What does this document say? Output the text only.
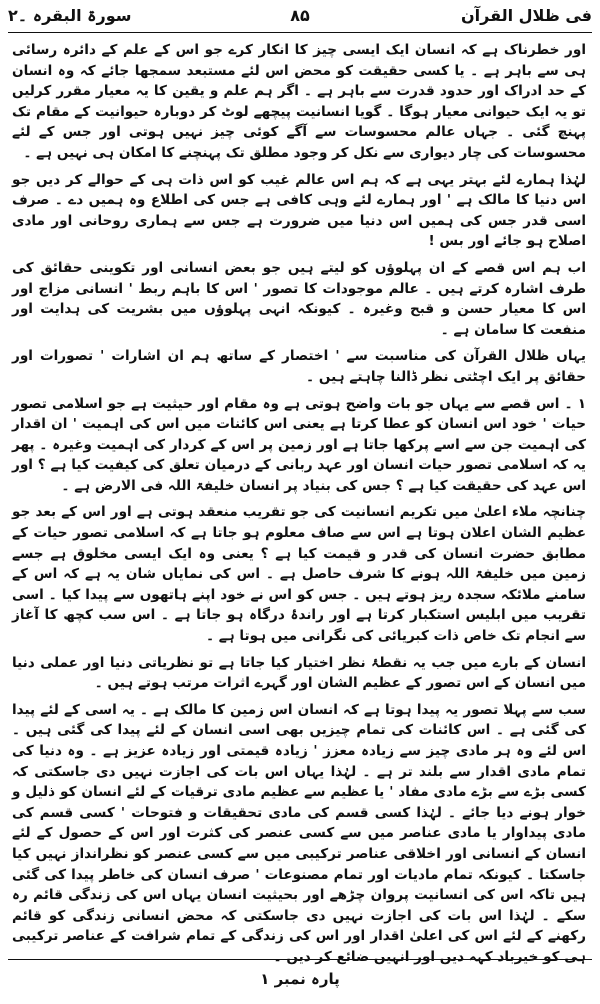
فی ظلال القرآن
۸۵
سورۃ البقرہ ۔۲

اور خطرناک ہے کہ انسان ایک ایسی چیز کا انکار کرے جو اس کے علم کے دائرہ رسائی ہی سے باہر ہے ۔ یا کسی حقیقت کو محض اس لئے مستبعد سمجھا جائے کہ وہ انسان کے حد ادراک اور حدود قدرت سے باہر ہے ۔ اگر ہم علم و یقین کا یہ معیار مقرر کرلیں تو یہ ایک حیوانی معیار ہوگا ۔ گویا انسانیت پیچھے لوٹ کر دوبارہ حیوانیت کے مقام تک پہنچ گئی ۔ جہاں عالم محسوسات سے آگے کوئی چیز نہیں ہوتی اور جس کے لئے محسوسات کی چار دیواری سے نکل کر وجود مطلق تک پہنچنے کا امکان ہی نہیں ہے ۔

لہٰذا ہمارے لئے بہتر یہی ہے کہ ہم اس عالم غیب کو اس ذات ہی کے حوالے کر دیں جو اس دنیا کا مالک ہے ' اور ہمارے لئے وہی کافی ہے جس کی اطلاع وہ ہمیں دے ۔ صرف اسی قدر جس کی ہمیں اس دنیا میں ضرورت ہے جس سے ہماری روحانی اور مادی اصلاح ہو جائے اور بس !

اب ہم اس قصے کے ان پہلوؤں کو لیتے ہیں جو بعض انسانی اور تکوینی حقائق کی طرف اشارہ کرتے ہیں ۔ عالم موجودات کا تصور ' اس کا باہم ربط ' انسانی مزاج اور اس کا معیار حسن و قبح وغیرہ ۔ کیونکہ انہی پہلوؤں میں بشریت کی ہدایت اور منفعت کا سامان ہے ۔

یہاں ظلال القرآن کی مناسبت سے ' اختصار کے ساتھ ہم ان اشارات ' تصورات اور حقائق پر ایک اچٹتی نظر ڈالنا چاہتے ہیں ۔

۱ ۔ اس قصے سے یہاں جو بات واضح ہوتی ہے وہ مقام اور حیثیت ہے جو اسلامی تصور حیات ' خود اس انسان کو عطا کرتا ہے یعنی اس کائنات میں اس کی اہمیت ' ان اقدار کی اہمیت جن سے اسے پرکھا جاتا ہے اور زمین پر اس کے کردار کی اہمیت وغیرہ ۔ پھر یہ کہ اسلامی تصور حیات انسان اور عہد ربانی کے درمیان تعلق کی کیفیت کیا ہے ؟ اور اس عہد کی حقیقت کیا ہے ؟ جس کی بنیاد پر انسان خلیفۃ اللہ فی الارض ہے ۔

چنانچہ ملاء اعلیٰ میں تکریم انسانیت کی جو تقریب منعقد ہوتی ہے اور اس کے بعد جو عظیم الشان اعلان ہوتا ہے اس سے صاف معلوم ہو جاتا ہے کہ اسلامی تصور حیات کے مطابق حضرت انسان کی قدر و قیمت کیا ہے ؟ یعنی وہ ایک ایسی مخلوق ہے جسے زمین میں خلیفۃ اللہ ہونے کا شرف حاصل ہے ۔ اس کی نمایاں شان یہ ہے کہ اس کے سامنے ملائکہ سجدہ ریز ہوتے ہیں ۔ جس کو اس نے خود اپنے ہاتھوں سے پیدا کیا ۔ اسی تقریب میں ابلیس استکبار کرتا ہے اور راندۂ درگاہ ہو جاتا ہے ۔ اس سب کچھ کا آغاز سے انجام تک خاص ذات کبریائی کی نگرانی میں ہوتا ہے ۔

انسان کے بارے میں جب یہ نقطۂ نظر اختیار کیا جاتا ہے تو نظریاتی دنیا اور عملی دنیا میں انسان کے اس تصور کے عظیم الشان اور گہرے اثرات مرتب ہوتے ہیں ۔

سب سے پہلا تصور یہ پیدا ہوتا ہے کہ انسان اس زمین کا مالک ہے ۔ یہ اسی کے لئے پیدا کی گئی ہے ۔ اس کائنات کی تمام چیزیں بھی اسی انسان کے لئے پیدا کی گئی ہیں ۔ اس لئے وہ ہر مادی چیز سے زیادہ معزز ' زیادہ قیمتی اور زیادہ عزیز ہے ۔ وہ دنیا کی تمام مادی اقدار سے بلند تر ہے ۔ لہٰذا یہاں اس بات کی اجازت نہیں دی جاسکتی کہ کسی بڑے سے بڑے مادی مفاد ' یا عظیم سے عظیم مادی ترقیات کے لئے انسان کو ذلیل و خوار ہونے دیا جائے ۔ لہٰذا کسی قسم کی مادی تحقیقات و فتوحات ' کسی قسم کی مادی پیداوار یا مادی عناصر میں سے کسی عنصر کی کثرت اور اس کے حصول کے لئے انسان کے انسانی اور اخلاقی عناصر ترکیبی میں سے کسی عنصر کو نظرانداز نہیں کیا جاسکتا ۔ کیونکہ تمام مادیات اور تمام مصنوعات ' صرف انسان کی خاطر پیدا کی گئی ہیں تاکہ اس کی انسانیت پروان چڑھے اور بحیثیت انسان یہاں اس کی زندگی قائم رہ سکے ۔ لہٰذا اس بات کی اجازت نہیں دی جاسکتی کہ محض انسانی زندگی کو قائم رکھنے کے لئے اس کی اعلیٰ اقدار اور اس کی زندگی کے تمام شرافت کے عناصر ترکیبی ہی کو خیرباد کہہ دیں اور انہیں ضائع کر دیں ۔

پارہ نمبر ۱
